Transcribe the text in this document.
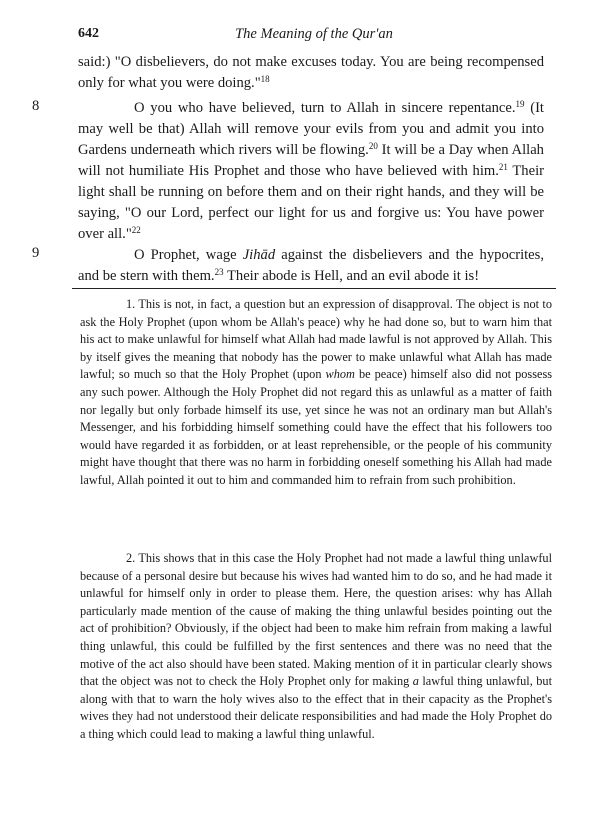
642	The Meaning of the Qur'an

said:) "O disbelievers, do not make excuses today. You are being recompensed only for what you were doing."$^{18}$

8	O you who have believed, turn to Allah in sincere repentance.$^{19}$ (It may well be that) Allah will remove your evils from you and admit you into Gardens underneath which rivers will be flowing.$^{20}$ It will be a Day when Allah will not humiliate His Prophet and those who have believed with him.$^{21}$ Their light shall be running on before them and on their right hands, and they will be saying, "O our Lord, perfect our light for us and forgive us: You have power over all."$^{22}$

9	O Prophet, wage Jihād against the disbelievers and the hypocrites, and be stern with them.$^{23}$ Their abode is Hell, and an evil abode it is!

1. This is not, in fact, a question but an expression of disapproval. The object is not to ask the Holy Prophet (upon whom be Allah's peace) why he had done so, but to warn him that his act to make unlawful for himself what Allah had made lawful is not approved by Allah. This by itself gives the meaning that nobody has the power to make unlawful what Allah has made lawful; so much so that the Holy Prophet (upon whom be peace) himself also did not possess any such power. Although the Holy Prophet did not regard this as unlawful as a matter of faith nor legally but only forbade himself its use, yet since he was not an ordinary man but Allah's Messenger, and his forbidding himself something could have the effect that his followers too would have regarded it as forbidden, or at least reprehensible, or the people of his community might have thought that there was no harm in forbidding oneself something his Allah had made lawful, Allah pointed it out to him and commanded him to refrain from such prohibition.

2. This shows that in this case the Holy Prophet had not made a lawful thing unlawful because of a personal desire but because his wives had wanted him to do so, and he had made it unlawful for himself only in order to please them. Here, the question arises: why has Allah particularly made mention of the cause of making the thing unlawful besides pointing out the act of prohibition? Obviously, if the object had been to make him refrain from making a lawful thing unlawful, this could be fulfilled by the first sentences and there was no need that the motive of the act also should have been stated. Making mention of it in particular clearly shows that the object was not to check the Holy Prophet only for making a lawful thing unlawful, but along with that to warn the holy wives also to the effect that in their capacity as the Prophet's wives they had not understood their delicate responsibilities and had made the Holy Prophet do a thing which could lead to making a lawful thing unlawful.
